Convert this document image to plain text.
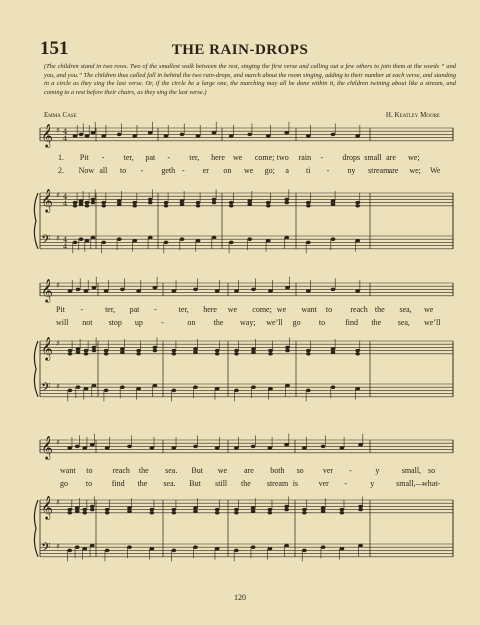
151	THE RAIN-DROPS
(The children stand in two rows. Two of the smallest walk between the rest, singing the first verse and calling out a few others to join them at the words “ and you, and you.” The children thus called fall in behind the two rain-drops, and march about the room singing, adding to their number at each verse, and standing in a circle as they sing the last verse. Or, if the circle be a large one, the marching may all be done within it, the children twining about like a stream, and coming to a rest before their chairs, as they sing the last verse.)
Emma Case	H. Keatley Moore
𝄞
𝄞
𝄢
♯
♯
♯
4
4
4
4
4
4
𝄞
𝄞
𝄢
♯
♯
♯
𝄞
𝄞
𝄢
♯
♯
♯
1. Pit - ter, pat - ter, here we come; two rain - drops small are we;
2. Now all to - geth - er on we go; a ti - ny stream are we; We
Pit -	ter, pat -	ter, here we come; we want to reach the sea, we
will not stop up -	on the way; we’ll go to	find the sea, we’ll
want to	reach the sea. But we are both so ver -	y	small, so
go to find the sea. But still the stream is	ver -	y	small,—
what-
120
